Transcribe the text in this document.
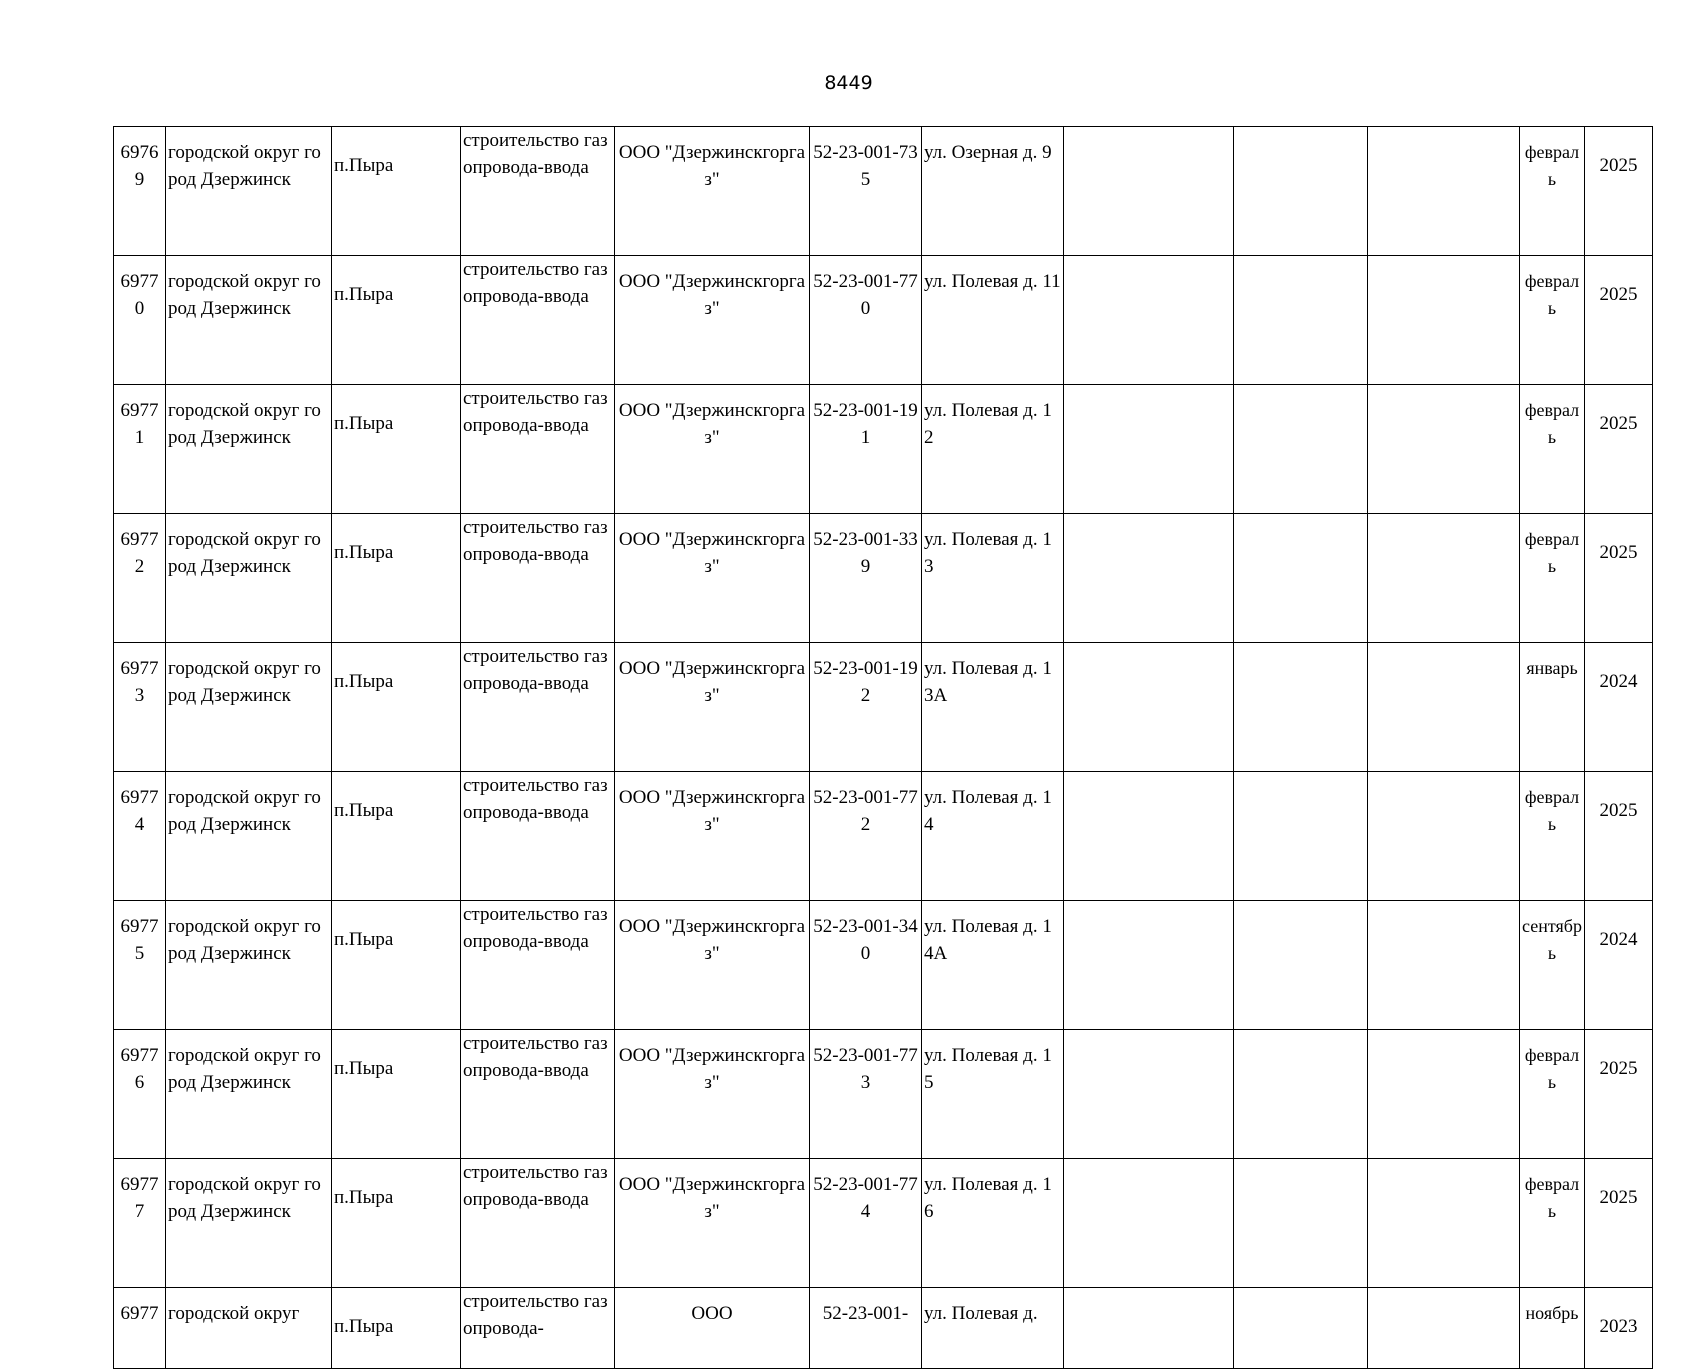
8449
69769	городской округ город Дзержинск	п.Пыра	строительство газопровода-ввода	ООО "Дзержинскгоргаз"	52-23-001-735	ул. Озерная д. 9				февраль	2025
69770	городской округ город Дзержинск	п.Пыра	строительство газопровода-ввода	ООО "Дзержинскгоргаз"	52-23-001-770	ул. Полевая д. 11				февраль	2025
69771	городской округ город Дзержинск	п.Пыра	строительство газопровода-ввода	ООО "Дзержинскгоргаз"	52-23-001-191	ул. Полевая д. 12				февраль	2025
69772	городской округ город Дзержинск	п.Пыра	строительство газопровода-ввода	ООО "Дзержинскгоргаз"	52-23-001-339	ул. Полевая д. 13				февраль	2025
69773	городской округ город Дзержинск	п.Пыра	строительство газопровода-ввода	ООО "Дзержинскгоргаз"	52-23-001-192	ул. Полевая д. 13А				январь	2024
69774	городской округ город Дзержинск	п.Пыра	строительство газопровода-ввода	ООО "Дзержинскгоргаз"	52-23-001-772	ул. Полевая д. 14				февраль	2025
69775	городской округ город Дзержинск	п.Пыра	строительство газопровода-ввода	ООО "Дзержинскгоргаз"	52-23-001-340	ул. Полевая д. 14А				сентябрь	2024
69776	городской округ город Дзержинск	п.Пыра	строительство газопровода-ввода	ООО "Дзержинскгоргаз"	52-23-001-773	ул. Полевая д. 15				февраль	2025
69777	городской округ город Дзержинск	п.Пыра	строительство газопровода-ввода	ООО "Дзержинскгоргаз"	52-23-001-774	ул. Полевая д. 16				февраль	2025
6977	городской округ	п.Пыра	строительство газопровода-	ООО	52-23-001-	ул. Полевая д.				ноябрь	2023
